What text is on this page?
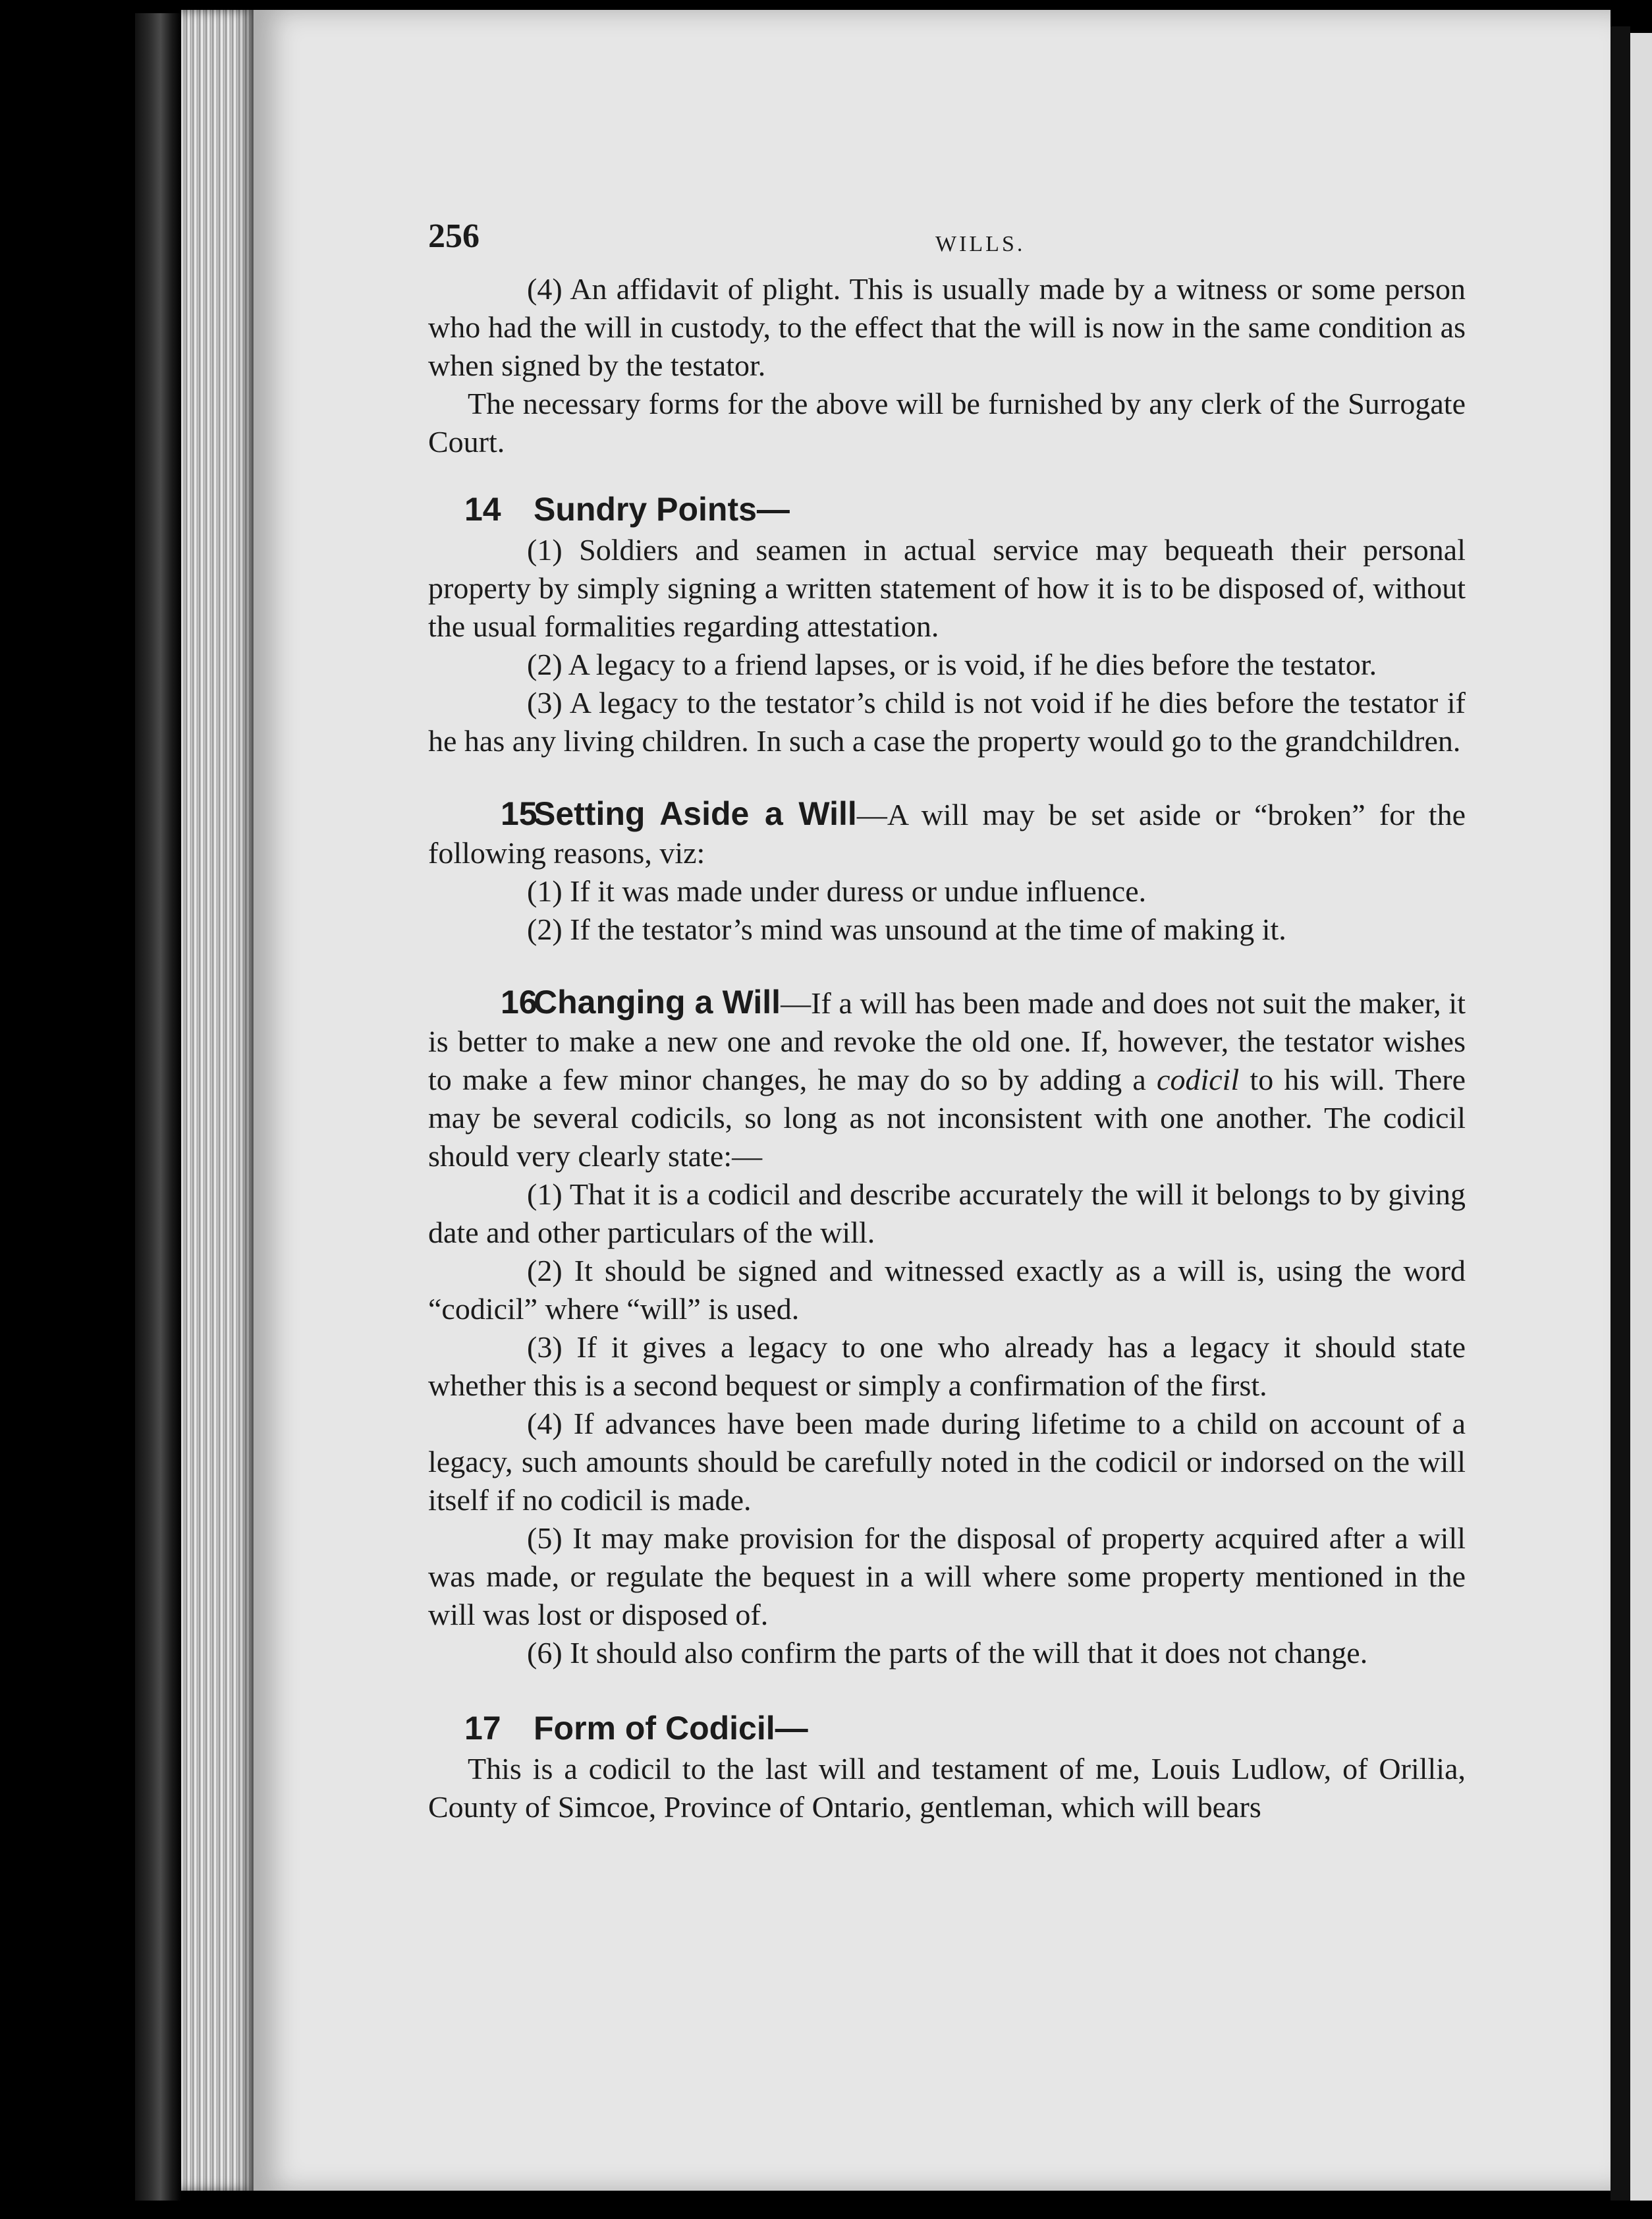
256	WILLS.

(4) An affidavit of plight. This is usually made by a witness or some person who had the will in custody, to the effect that the will is now in the same condition as when signed by the testator.

The necessary forms for the above will be furnished by any clerk of the Surrogate Court.

14 Sundry Points—

(1) Soldiers and seamen in actual service may bequeath their personal property by simply signing a written statement of how it is to be disposed of, without the usual formalities regarding attestation.

(2) A legacy to a friend lapses, or is void, if he dies before the testator.

(3) A legacy to the testator’s child is not void if he dies before the testator if he has any living children. In such a case the property would go to the grandchildren.

15Setting Aside a Will—A will may be set aside or “broken” for the following reasons, viz:

(1) If it was made under duress or undue influence.

(2) If the testator’s mind was unsound at the time of making it.

16Changing a Will—If a will has been made and does not suit the maker, it is better to make a new one and revoke the old one. If, however, the testator wishes to make a few minor changes, he may do so by adding a codicil to his will. There may be several codicils, so long as not inconsistent with one another. The codicil should very clearly state:—

(1) That it is a codicil and describe accurately the will it belongs to by giving date and other particulars of the will.

(2) It should be signed and witnessed exactly as a will is, using the word “codicil” where “will” is used.

(3) If it gives a legacy to one who already has a legacy it should state whether this is a second bequest or simply a confirmation of the first.

(4) If advances have been made during lifetime to a child on account of a legacy, such amounts should be carefully noted in the codicil or indorsed on the will itself if no codicil is made.

(5) It may make provision for the disposal of property acquired after a will was made, or regulate the bequest in a will where some property mentioned in the will was lost or disposed of.

(6) It should also confirm the parts of the will that it does not change.

17 Form of Codicil—

This is a codicil to the last will and testament of me, Louis Ludlow, of Orillia, County of Simcoe, Province of Ontario, gentleman, which will bears
